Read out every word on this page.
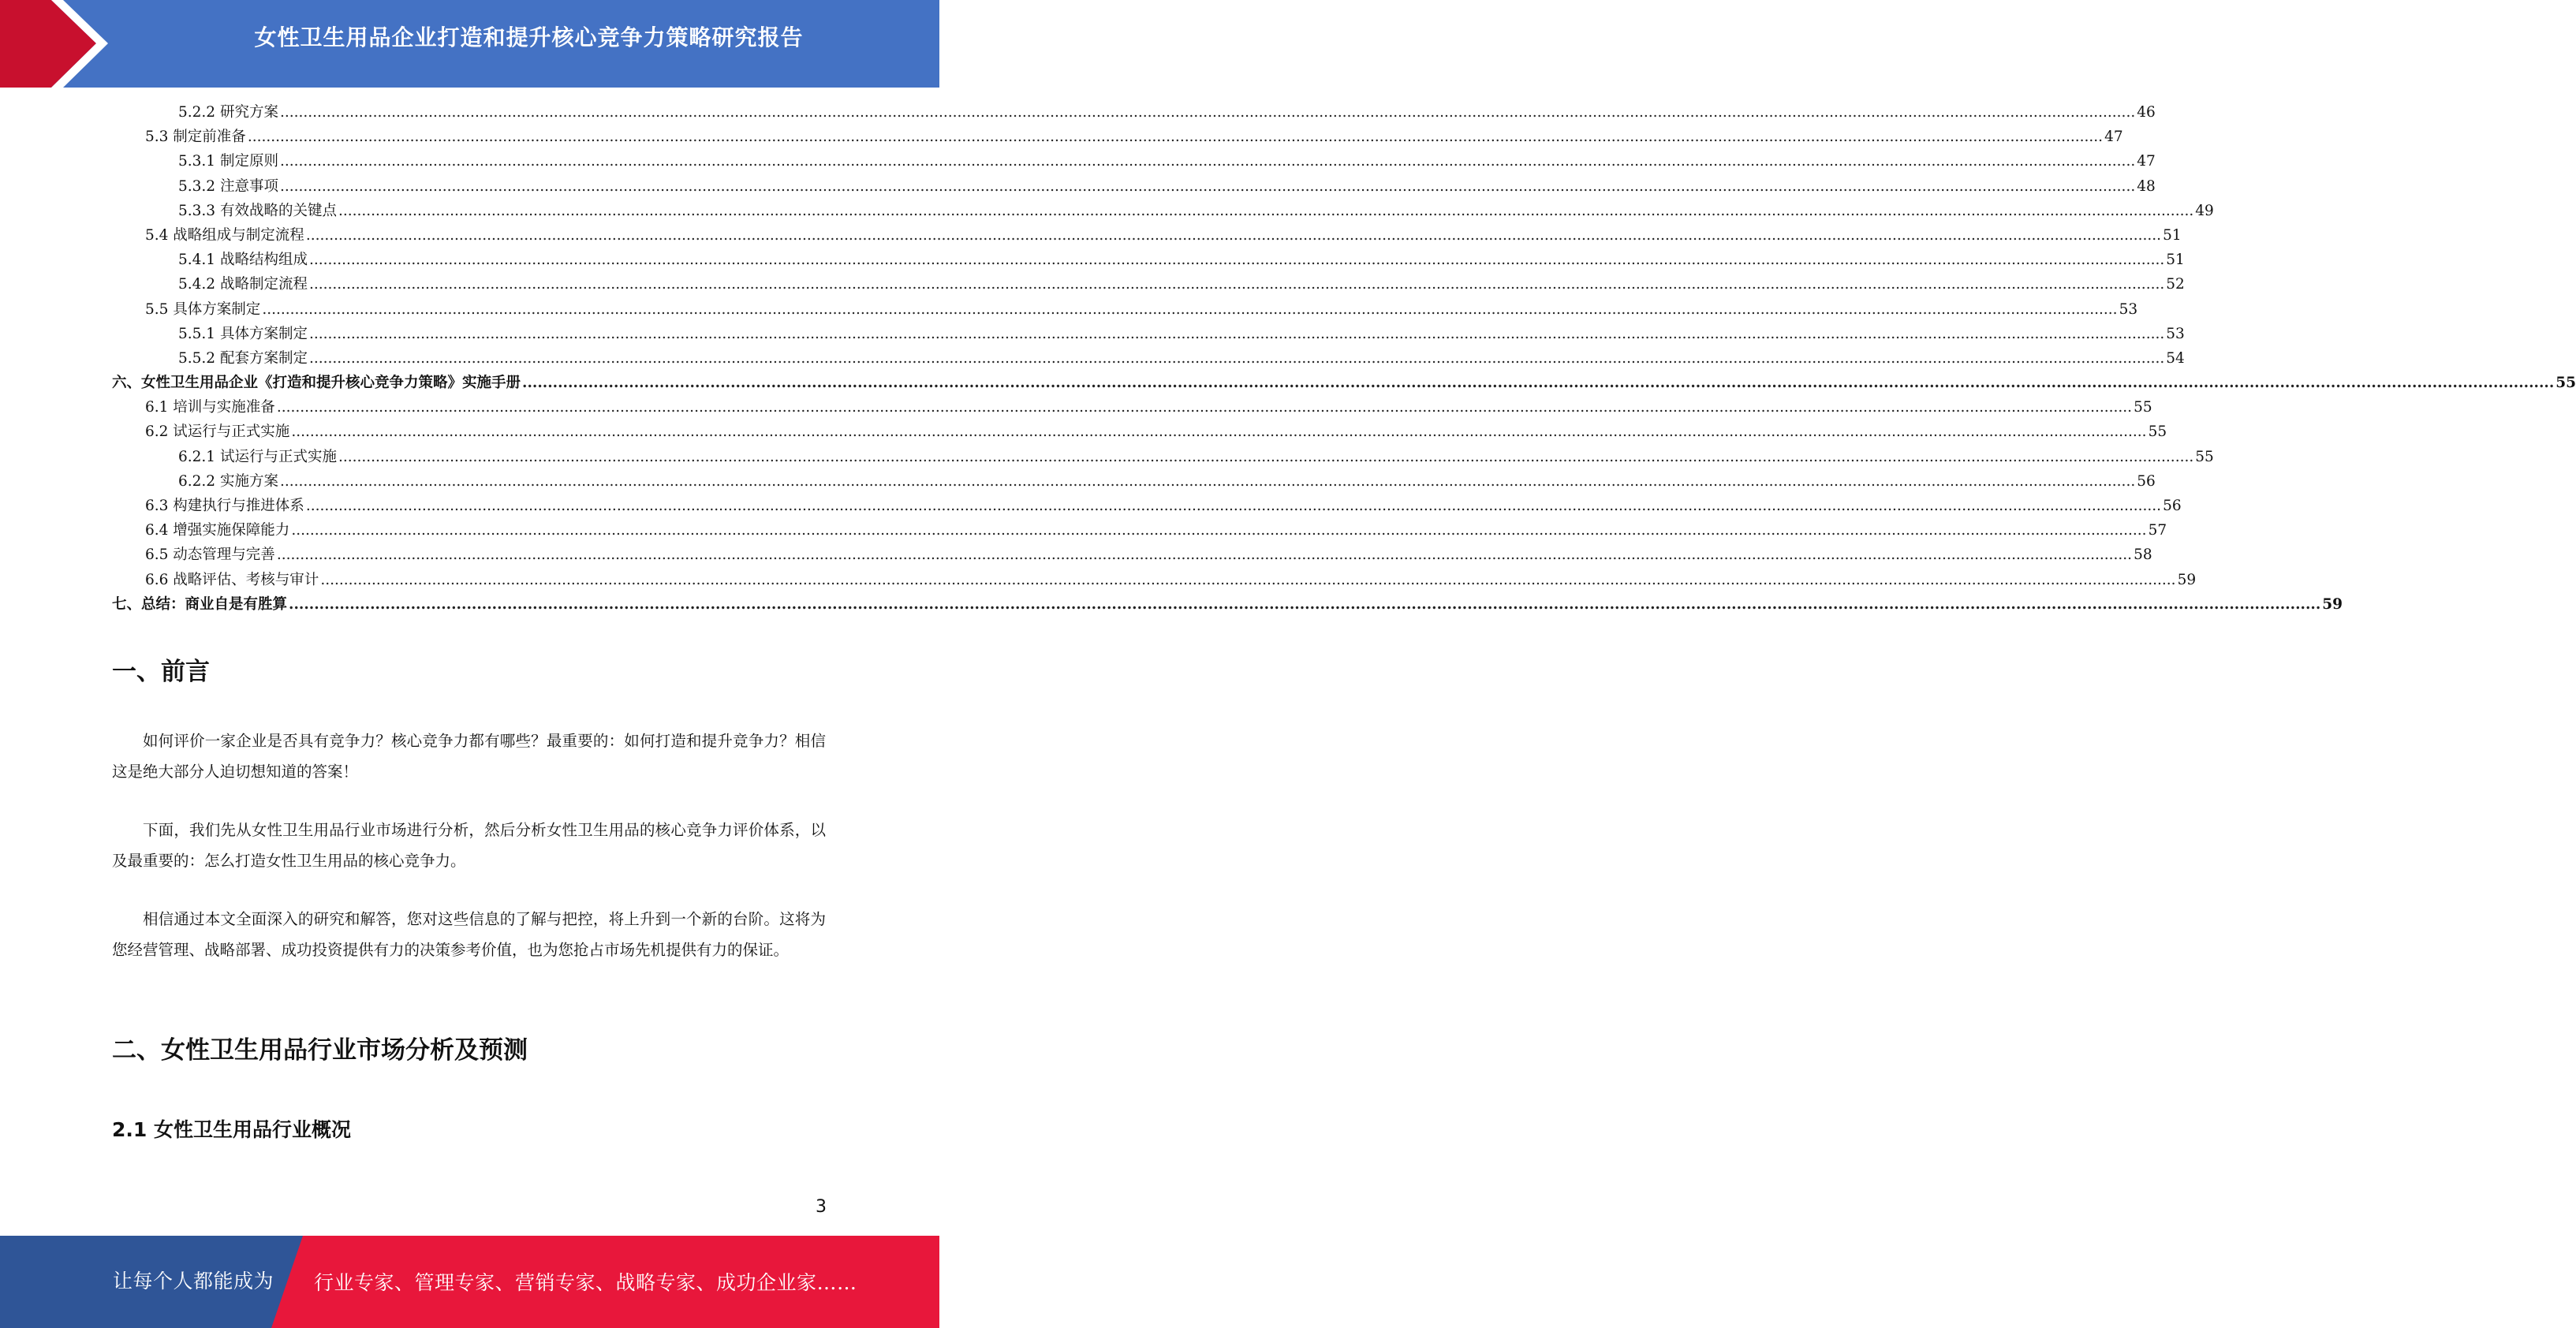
女性卫生用品企业打造和提升核心竞争力策略研究报告
5.2.2 研究方案 ................................................................................................................................................................................................................................................................................................................................................................................................................ 46
5.3 制定前准备 ................................................................................................................................................................................................................................................................................................................................................................................................................ 47
5.3.1 制定原则 ................................................................................................................................................................................................................................................................................................................................................................................................................ 47
5.3.2 注意事项 ................................................................................................................................................................................................................................................................................................................................................................................................................ 48
5.3.3 有效战略的关键点 ................................................................................................................................................................................................................................................................................................................................................................................................................ 49
5.4 战略组成与制定流程 ................................................................................................................................................................................................................................................................................................................................................................................................................ 51
5.4.1 战略结构组成 ................................................................................................................................................................................................................................................................................................................................................................................................................ 51
5.4.2 战略制定流程 ................................................................................................................................................................................................................................................................................................................................................................................................................ 52
5.5 具体方案制定 ................................................................................................................................................................................................................................................................................................................................................................................................................ 53
5.5.1 具体方案制定 ................................................................................................................................................................................................................................................................................................................................................................................................................ 53
5.5.2 配套方案制定 ................................................................................................................................................................................................................................................................................................................................................................................................................ 54
六、女性卫生用品企业《打造和提升核心竞争力策略》实施手册 ................................................................................................................................................................................................................................................................................................................................................................................................................ 55
6.1 培训与实施准备 ................................................................................................................................................................................................................................................................................................................................................................................................................ 55
6.2 试运行与正式实施 ................................................................................................................................................................................................................................................................................................................................................................................................................ 55
6.2.1 试运行与正式实施 ................................................................................................................................................................................................................................................................................................................................................................................................................ 55
6.2.2 实施方案 ................................................................................................................................................................................................................................................................................................................................................................................................................ 56
6.3 构建执行与推进体系 ................................................................................................................................................................................................................................................................................................................................................................................................................ 56
6.4 增强实施保障能力 ................................................................................................................................................................................................................................................................................................................................................................................................................ 57
6.5 动态管理与完善 ................................................................................................................................................................................................................................................................................................................................................................................................................ 58
6.6 战略评估、考核与审计 ................................................................................................................................................................................................................................................................................................................................................................................................................ 59
七、总结：商业自是有胜算 ................................................................................................................................................................................................................................................................................................................................................................................................................ 59
一、前言

如何评价一家企业是否具有竞争力？核心竞争力都有哪些？最重要的：如何打造和提升竞争力？相信这是绝大部分人迫切想知道的答案！

下面，我们先从女性卫生用品行业市场进行分析，然后分析女性卫生用品的核心竞争力评价体系，以及最重要的：怎么打造女性卫生用品的核心竞争力。

相信通过本文全面深入的研究和解答，您对这些信息的了解与把控，将上升到一个新的台阶。这将为您经营管理、战略部署、成功投资提供有力的决策参考价值，也为您抢占市场先机提供有力的保证。

二、女性卫生用品行业市场分析及预测
2.1 女性卫生用品行业概况
3
让每个人都能成为 行业专家、管理专家、营销专家、战略专家、成功企业家……
